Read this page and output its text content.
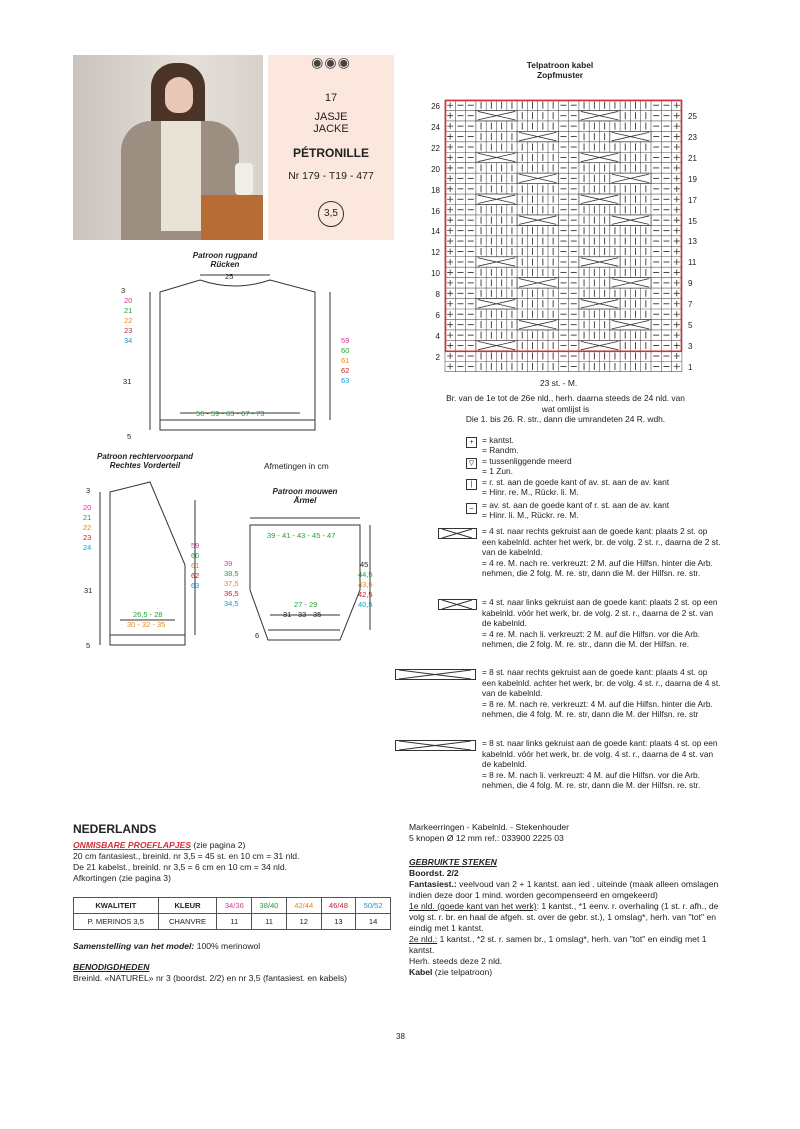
◉◉◉
17
JASJE
JACKE
PÉTRONILLE
Nr 179 - T19 - 477
3,5
Patroon rugpand
Rücken
25
3
20
21
22
23
34
31
59
60
61
62
63
56 - 59 - 63 - 67 - 73
5
Patroon rechtervoorpand
Rechtes Vorderteil
3
20
21
22
23
24
31
59
60
61
62
63
26,5 - 28
30 - 32 - 35
5
Afmetingen in cm
Patroon mouwen
Ärmel
39 - 41 - 43 - 45 - 47
39
38,5
37,5
36,5
34,5
45
44,5
43,5
42,5
40,5
27 - 29
31 - 33 - 35
6
Telpatroon kabel
Zopfmuster
26
24
22
20
18
16
14
12
10
8
6
4
2
25
23
21
19
17
15
13
11
9
7
5
3
1
23 st. - M.
Br. van de 1e tot de 26e nld., herh. daarna steeds de 24 nld. van
wat omlijst is
Die 1. bis 26. R. str., dann die umrandeten 24 R. wdh.
+	= kantst.
= Randm.
▽ = tussenliggende meerd
= 1 Zun.
|	= r. st. aan de goede kant of av. st. aan de av. kant
= Hinr. re. M., Rückr. li. M.
–	= av. st. aan de goede kant of r. st. aan de av. kant
= Hinr. li. M., Rückr. re. M.
= 4 st. naar rechts gekruist aan de goede kant: plaats 2 st. op een kabelnld. achter het werk, br. de volg. 2 st. r., daarna de 2 st. van de kabelnld.
= 4 re. M. nach re. verkreuzt: 2 M. auf die Hilfsn. hinter die Arb. nehmen, die 2 folg. M. re. str, dann die M. der Hilfsn. re. str.
= 4 st. naar links gekruist aan de goede kant: plaats 2 st. op een kabelnld. vóór het werk, br. de volg. 2 st. r., daarna de 2 st. van de kabelnld.
= 4 re. M. nach li. verkreuzt: 2 M. auf die Hilfsn. vor die Arb. nehmen, die 2 folg. M. re. str., dann die M. der Hilfsn. re.
= 8 st. naar rechts gekruist aan de goede kant: plaats 4 st. op een kabelnld. achter het werk, br. de volg. 4 st. r., daarna de 4 st. van de kabelnld.
= 8 re. M. nach re. verkreuzt: 4 M. auf die Hilfsn. hinter die Arb. nehmen, die 4 folg. M. re. str, dann die M. der Hilfsn. re. str
= 8 st. naar links gekruist aan de goede kant: plaats 4 st. op een kabelnld. vóór het werk, br. de volg. 4 st. r., daarna de 4 st. van de kabelnld.
= 8 re. M. nach li. verkreuzt: 4 M. auf die Hilfsn. vor die Arb. nehmen, die 4 folg. M. re. str, dann die M. der Hilfsn. re. str.
NEDERLANDS
ONMISBARE PROEFLAPJES (zie pagina 2)
20 cm fantasiest., breinld. nr 3,5 = 45 st. en 10 cm = 31 nld.
De 21 kabelst., breinld. nr 3,5 = 6 cm en 10 cm = 34 nld.
Afkortingen (zie pagina 3)
KWALITEIT	KLEUR	34/36	38/40	42/44	46/48	50/52
P. MERINOS 3,5	CHANVRE	11	11	12	13	14
Samenstelling van het model: 100% merinowol
BENODIGDHEDEN
Breinld. «NATUREL» nr 3 (boordst. 2/2) en nr 3,5 (fantasiest. en kabels)
Markeerringen - Kabelnld. - Stekenhouder
5 knopen Ø 12 mm ref.: 033900 2225 03
GEBRUIKTE STEKEN
Boordst. 2/2
Fantasiest.: veelvoud van 2 + 1 kantst. aan ied . uiteinde (maak alleen omslagen indien deze door 1 mind. worden gecompenseerd en omgekeerd)
1e nld. (goede kant van het werk): 1 kantst., *1 eenv. r. overhaling (1 st. r. afh., de volg st. r. br. en haal de afgeh. st. over de gebr. st.), 1 omslag*, herh. van "tot" en eindig met 1 kantst.
2e nld.: 1 kantst., *2 st. r. samen br., 1 omslag*, herh. van "tot" en eindig met 1 kantst.
Herh. steeds deze 2 nld.
Kabel (zie telpatroon)
38
